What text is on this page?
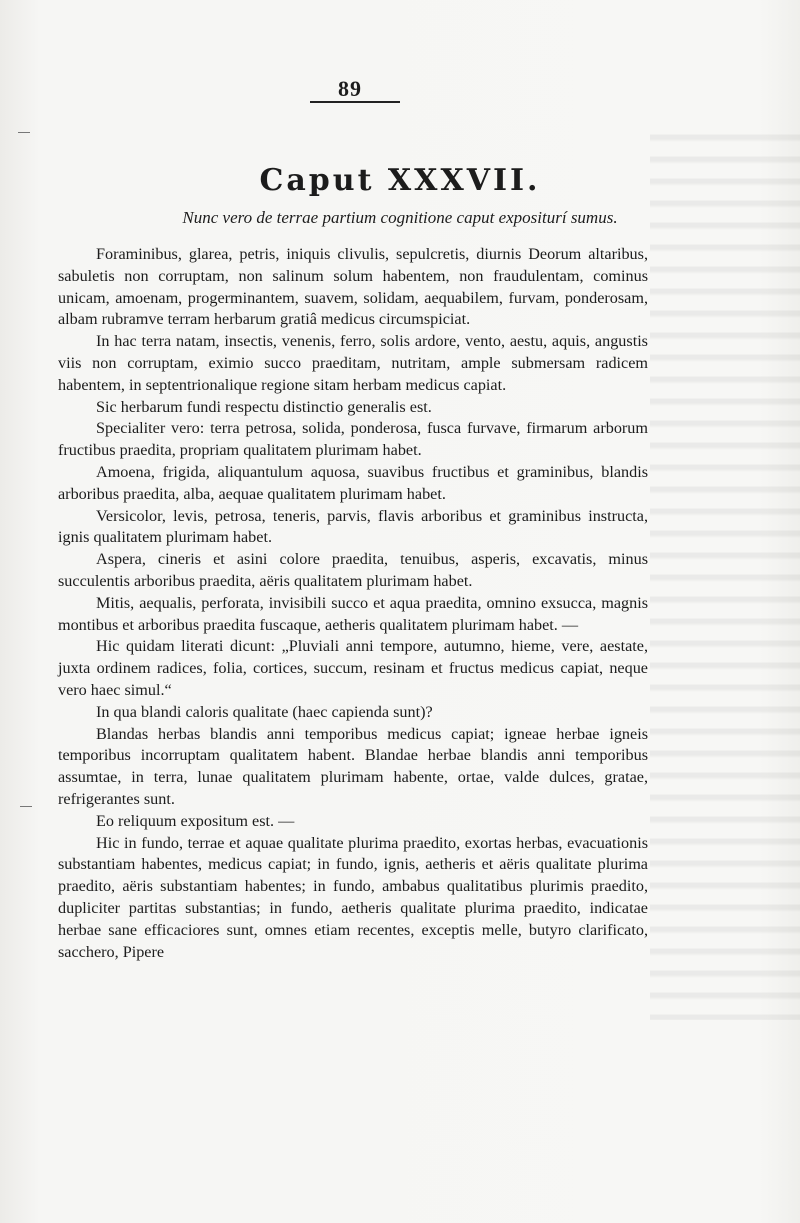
89
Caput XXXVII.
Nunc vero de terrae partium cognitione caput expositurí sumus.

Foraminibus, glarea, petris, iniquis clivulis, sepulcretis, diurnis Deorum altaribus, sabuletis non corruptam, non salinum solum habentem, non fraudulentam, cominus unicam, amoenam, progerminantem, suavem, solidam, aequabilem, furvam, ponderosam, albam rubramve terram herbarum gratiâ medicus circumspiciat.

In hac terra natam, insectis, venenis, ferro, solis ardore, vento, aestu, aquis, angustis viis non corruptam, eximio succo praeditam, nutritam, ample submersam radicem habentem, in septentrionalique regione sitam herbam medicus capiat.

Sic herbarum fundi respectu distinctio generalis est.

Specialiter vero: terra petrosa, solida, ponderosa, fusca furvave, firmarum arborum fructibus praedita, propriam qualitatem plurimam habet.

Amoena, frigida, aliquantulum aquosa, suavibus fructibus et graminibus, blandis arboribus praedita, alba, aequae qualitatem plurimam habet.

Versicolor, levis, petrosa, teneris, parvis, flavis arboribus et graminibus instructa, ignis qualitatem plurimam habet.

Aspera, cineris et asini colore praedita, tenuibus, asperis, excavatis, minus succulentis arboribus praedita, aëris qualitatem plurimam habet.

Mitis, aequalis, perforata, invisibili succo et aqua praedita, omnino exsucca, magnis montibus et arboribus praedita fuscaque, aetheris qualitatem plurimam habet. —

Hic quidam literati dicunt: „Pluviali anni tempore, autumno, hieme, vere, aestate, juxta ordinem radices, folia, cortices, succum, resinam et fructus medicus capiat, neque vero haec simul.“

In qua blandi caloris qualitate (haec capienda sunt)?

Blandas herbas blandis anni temporibus medicus capiat; igneae herbae igneis temporibus incorruptam qualitatem habent. Blandae herbae blandis anni temporibus assumtae, in terra, lunae qualitatem plurimam habente, ortae, valde dulces, gratae, refrigerantes sunt.

Eo reliquum expositum est. —

Hic in fundo, terrae et aquae qualitate plurima praedito, exortas herbas, evacuationis substantiam habentes, medicus capiat; in fundo, ignis, aetheris et aëris qualitate plurima praedito, aëris substantiam habentes; in fundo, ambabus qualitatibus plurimis praedito, dupliciter partitas substantias; in fundo, aetheris qualitate plurima praedito, indicatae herbae sane efficaciores sunt, omnes etiam recentes, exceptis melle, butyro clarificato, sacchero, Pipere
